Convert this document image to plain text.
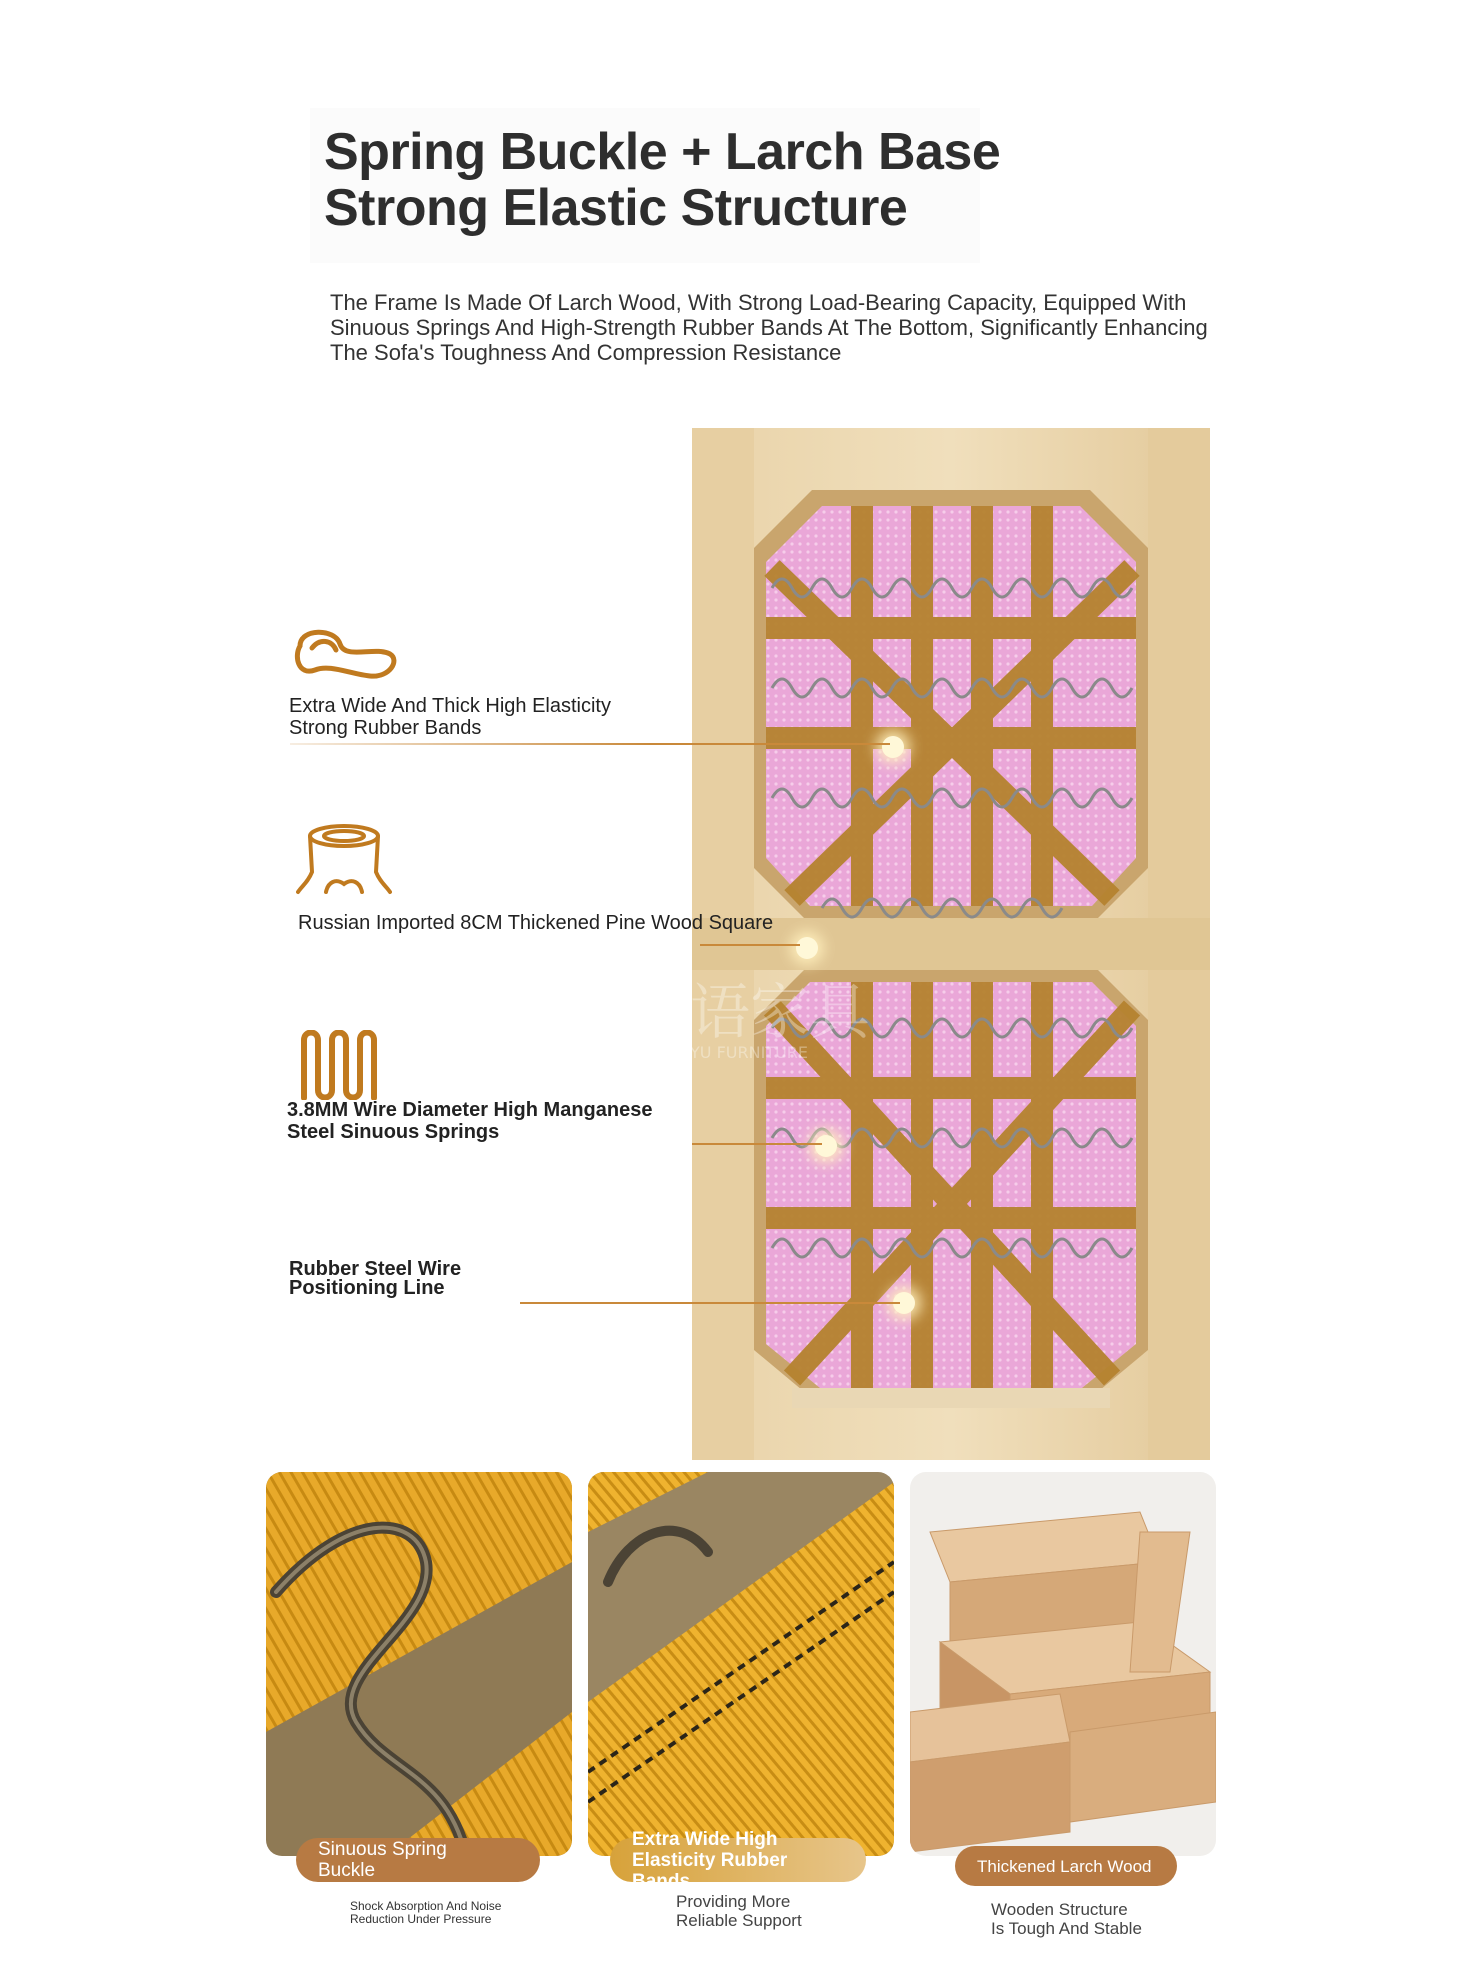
Spring Buckle + Larch Base
Strong Elastic Structure
The Frame Is Made Of Larch Wood, With Strong Load-Bearing Capacity, Equipped With Sinuous Springs And High-Strength Rubber Bands At The Bottom, Significantly Enhancing The Sofa's Toughness And Compression Resistance
语家具
YU FURNITURE
Extra Wide And Thick High Elasticity
Strong Rubber Bands
Russian Imported 8CM Thickened Pine Wood Square
3.8MM Wire Diameter High Manganese
Steel Sinuous Springs
Rubber Steel Wire
Positioning Line
Sinuous Spring
Buckle
Shock Absorption And Noise
Reduction Under Pressure
Extra Wide High
Elasticity Rubber Bands
Providing More
Reliable Support
Thickened Larch Wood
Wooden Structure
Is Tough And Stable
